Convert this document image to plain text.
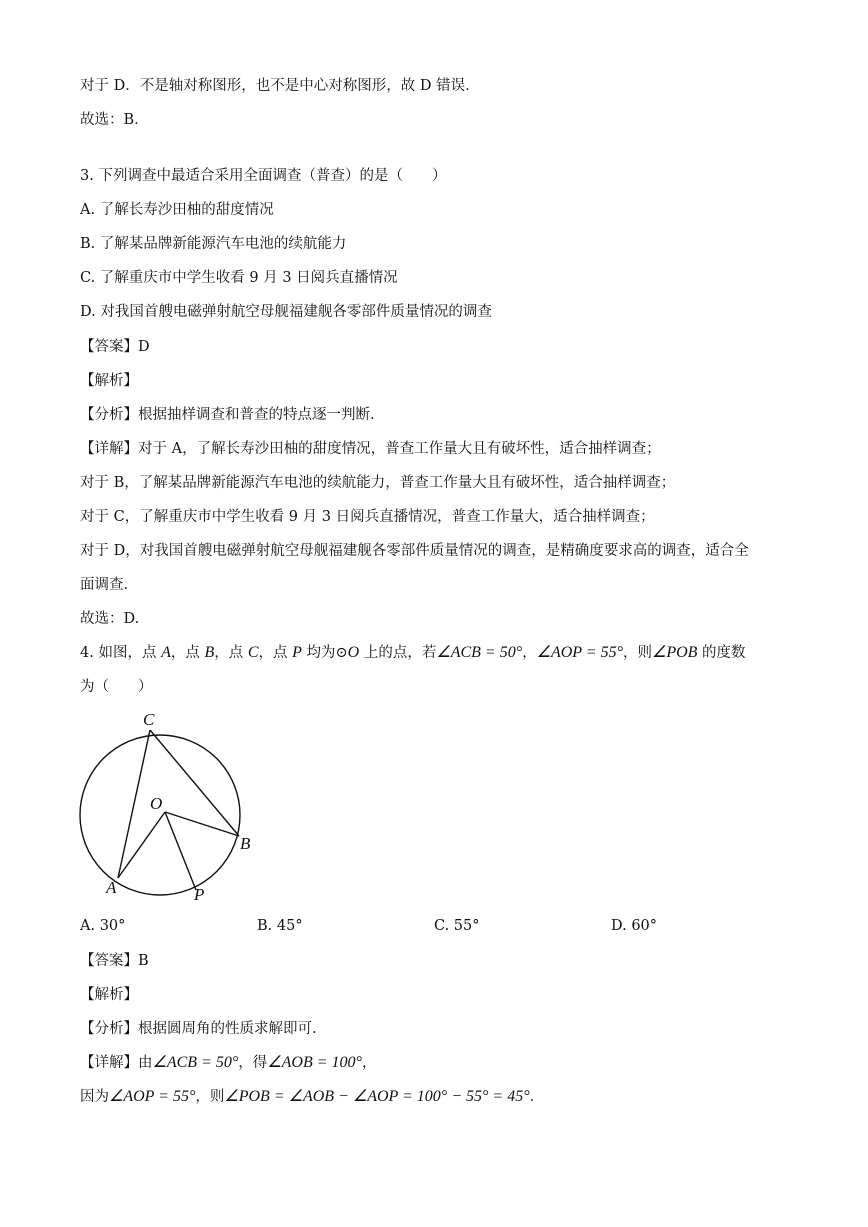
对于 D．不是轴对称图形，也不是中心对称图形，故 D 错误．
故选：B．
3. 下列调查中最适合采用全面调查（普查）的是（　　）
A. 了解长寿沙田柚的甜度情况
B. 了解某品牌新能源汽车电池的续航能力
C. 了解重庆市中学生收看 9 月 3 日阅兵直播情况
D. 对我国首艘电磁弹射航空母舰福建舰各零部件质量情况的调查
【答案】D
【解析】
【分析】根据抽样调查和普查的特点逐一判断.
【详解】对于 A，了解长寿沙田柚的甜度情况，普查工作量大且有破坏性，适合抽样调查；
对于 B，了解某品牌新能源汽车电池的续航能力，普查工作量大且有破坏性，适合抽样调查；
对于 C，了解重庆市中学生收看 9 月 3 日阅兵直播情况，普查工作量大，适合抽样调查；
对于 D，对我国首艘电磁弹射航空母舰福建舰各零部件质量情况的调查，是精确度要求高的调查，适合全
面调查.
故选：D.
4. 如图，点 A，点 B，点 C，点 P 均为⊙O 上的点，若∠ACB = 50°，∠AOP = 55°，则∠POB 的度数
为（　　）
C
O
B
A	P
A. 30°	B. 45°	C. 55°	D. 60°
【答案】B
【解析】
【分析】根据圆周角的性质求解即可.
【详解】由∠ACB = 50°，得∠AOB = 100°，
因为∠AOP = 55°，则∠POB = ∠AOB − ∠AOP = 100° − 55° = 45°．
